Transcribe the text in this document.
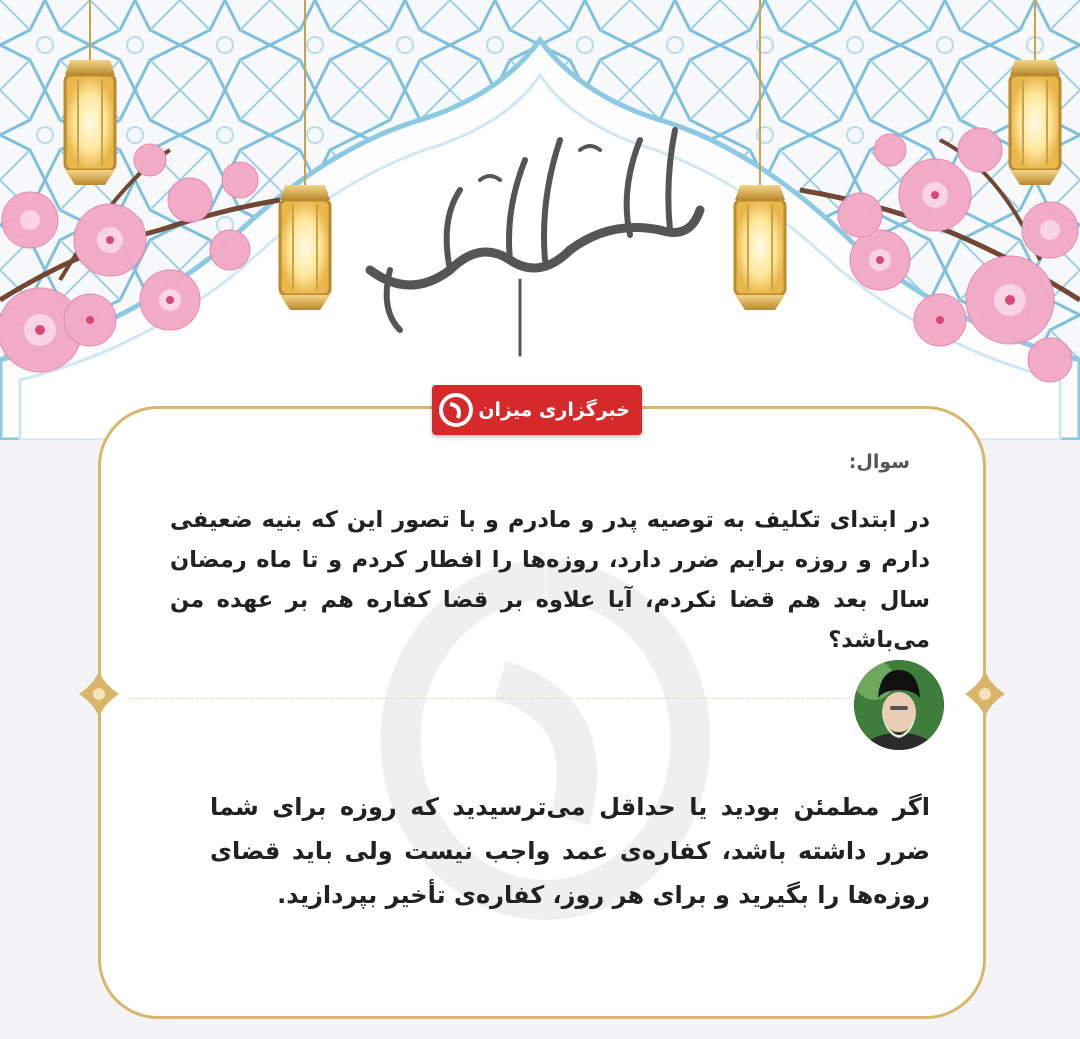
خبرگزاری میزان
سوال:
در ابتدای تکلیف به توصیه پدر و مادرم و با تصور این که بنیه ضعیفی دارم و روزه برایم ضرر دارد، روزه‌ها را افطار کردم و تا ماه رمضان سال بعد هم قضا نکردم، آیا علاوه بر قضا کفاره هم بر عهده من می‌باشد؟
اگر مطمئن بودید یا حداقل می‌ترسیدید که روزه برای شما ضرر داشته باشد، کفاره‌ی عمد واجب نیست ولی باید قضای روزه‌ها را بگیرید و برای هر روز، کفاره‌ی تأخیر بپردازید.
